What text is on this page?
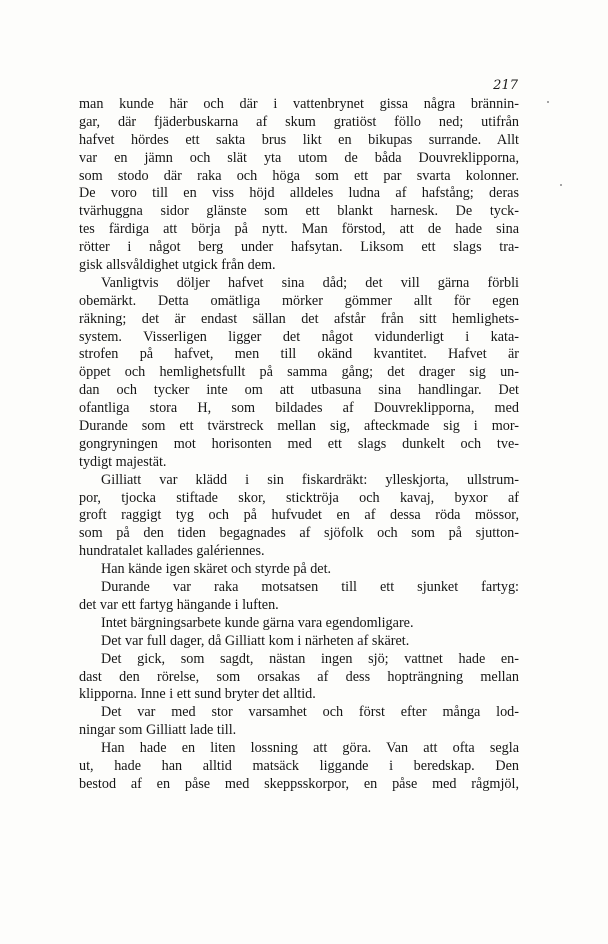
217
man kunde här och där i vattenbrynet gissa några brännin-
gar, där fjäderbuskarna af skum gratiöst föllo ned; utifrån
hafvet hördes ett sakta brus likt en bikupas surrande. Allt
var en jämn och slät yta utom de båda Douvreklipporna,
som stodo där raka och höga som ett par svarta kolonner.
De voro till en viss höjd alldeles ludna af hafstång; deras
tvärhuggna sidor glänste som ett blankt harnesk. De tyck-
tes färdiga att börja på nytt. Man förstod, att de hade sina
rötter i något berg under hafsytan. Liksom ett slags tra-
gisk allsvåldighet utgick från dem.
Vanligtvis döljer hafvet sina dåd; det vill gärna förbli
obemärkt. Detta omätliga mörker gömmer allt för egen
räkning; det är endast sällan det afstår från sitt hemlighets-
system. Visserligen ligger det något vidunderligt i kata-
strofen på hafvet, men till okänd kvantitet. Hafvet är
öppet och hemlighetsfullt på samma gång; det drager sig un-
dan och tycker inte om att utbasuna sina handlingar. Det
ofantliga stora H, som bildades af Douvreklipporna, med
Durande som ett tvärstreck mellan sig, afteckmade sig i mor-
gongryningen mot horisonten med ett slags dunkelt och tve-
tydigt majestät.
Gilliatt var klädd i sin fiskardräkt: ylleskjorta, ullstrum-
por, tjocka stiftade skor, sticktröja och kavaj, byxor af
groft raggigt tyg och på hufvudet en af dessa röda mössor,
som på den tiden begagnades af sjöfolk och som på sjutton-
hundratalet kallades galériennes.
Han kände igen skäret och styrde på det.
Durande var raka motsatsen till ett sjunket fartyg:
det var ett fartyg hängande i luften.
Intet bärgningsarbete kunde gärna vara egendomligare.
Det var full dager, då Gilliatt kom i närheten af skäret.
Det gick, som sagdt, nästan ingen sjö; vattnet hade en-
dast den rörelse, som orsakas af dess hopträngning mellan
klipporna. Inne i ett sund bryter det alltid.
Det var med stor varsamhet och först efter många lod-
ningar som Gilliatt lade till.
Han hade en liten lossning att göra. Van att ofta segla
ut, hade han alltid matsäck liggande i beredskap. Den
bestod af en påse med skeppsskorpor, en påse med rågmjöl,
